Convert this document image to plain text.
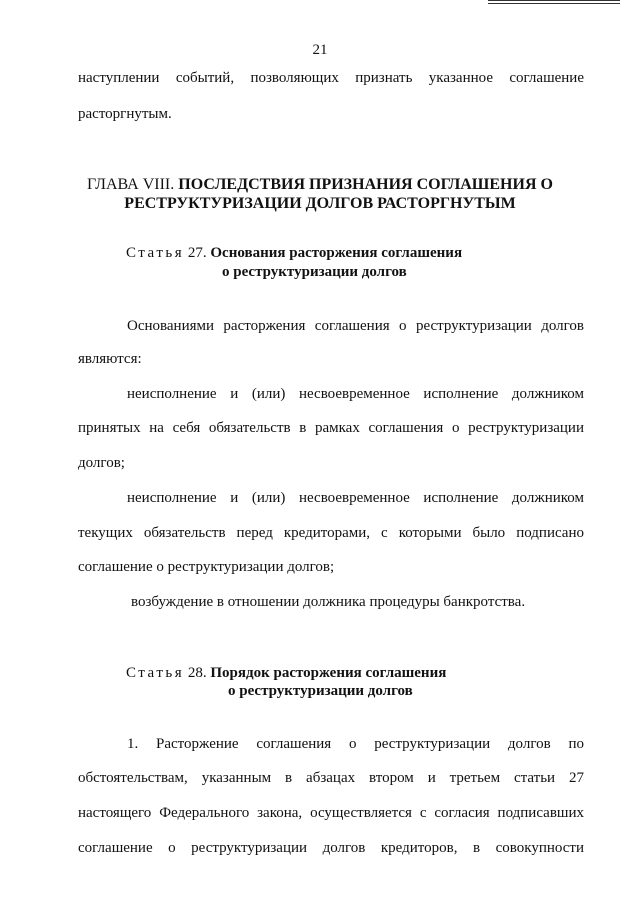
21
наступлении событий, позволяющих признать указанное соглашение
расторгнутым.
ГЛАВА VIII. ПОСЛЕДСТВИЯ ПРИЗНАНИЯ СОГЛАШЕНИЯ О
РЕСТРУКТУРИЗАЦИИ ДОЛГОВ РАСТОРГНУТЫМ
Статья 27. Основания расторжения соглашения
о реструктуризации долгов
Основаниями расторжения соглашения о реструктуризации долгов
являются:
неисполнение и (или) несвоевременное исполнение должником
принятых на себя обязательств в рамках соглашения о реструктуризации
долгов;
неисполнение и (или) несвоевременное исполнение должником
текущих обязательств перед кредиторами, с которыми было подписано
соглашение о реструктуризации долгов;
возбуждение в отношении должника процедуры банкротства.
Статья 28. Порядок расторжения соглашения
о реструктуризации долгов
1. Расторжение соглашения о реструктуризации долгов по
обстоятельствам, указанным в абзацах втором и третьем статьи 27
настоящего Федерального закона, осуществляется с согласия подписавших
соглашение о реструктуризации долгов кредиторов, в совокупности
